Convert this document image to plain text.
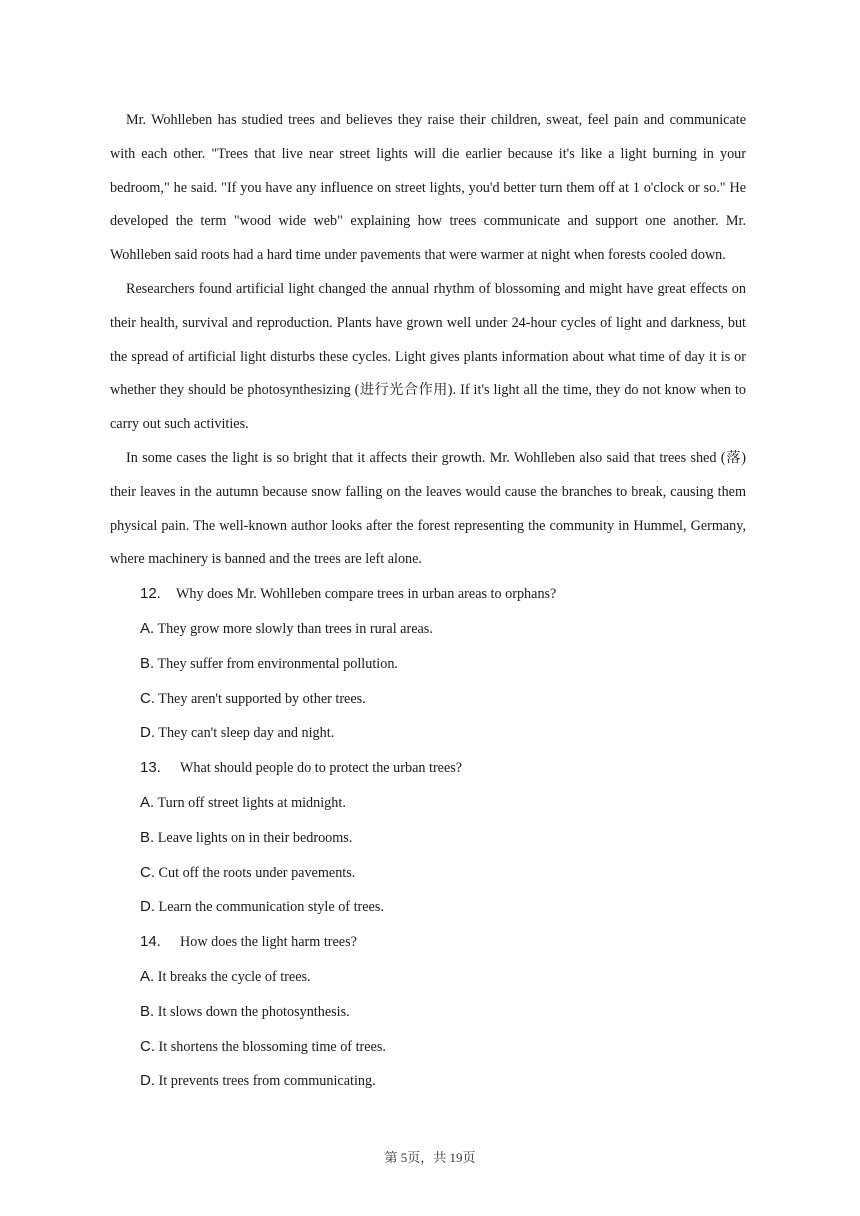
Mr. Wohlleben has studied trees and believes they raise their children, sweat, feel pain and communicate with each other. "Trees that live near street lights will die earlier because it's like a light burning in your bedroom," he said. "If you have any influence on street lights, you'd better turn them off at 1 o'clock or so." He developed the term "wood wide web" explaining how trees communicate and support one another. Mr. Wohlleben said roots had a hard time under pavements that were warmer at night when forests cooled down.

Researchers found artificial light changed the annual rhythm of blossoming and might have great effects on their health, survival and reproduction. Plants have grown well under 24-hour cycles of light and darkness, but the spread of artificial light disturbs these cycles. Light gives plants information about what time of day it is or whether they should be photosynthesizing (进行光合作用). If it's light all the time, they do not know when to carry out such activities.

In some cases the light is so bright that it affects their growth. Mr. Wohlleben also said that trees shed (落) their leaves in the autumn because snow falling on the leaves would cause the branches to break, causing them physical pain. The well-known author looks after the forest representing the community in Hummel, Germany, where machinery is banned and the trees are left alone.

12. Why does Mr. Wohlleben compare trees in urban areas to orphans?

A. They grow more slowly than trees in rural areas.

B. They suffer from environmental pollution.

C. They aren't supported by other trees.

D. They can't sleep day and night.

13. What should people do to protect the urban trees?

A. Turn off street lights at midnight.

B. Leave lights on in their bedrooms.

C. Cut off the roots under pavements.

D. Learn the communication style of trees.

14. How does the light harm trees?

A. It breaks the cycle of trees.

B. It slows down the photosynthesis.

C. It shortens the blossoming time of trees.

D. It prevents trees from communicating.

第 5页，共 19页
